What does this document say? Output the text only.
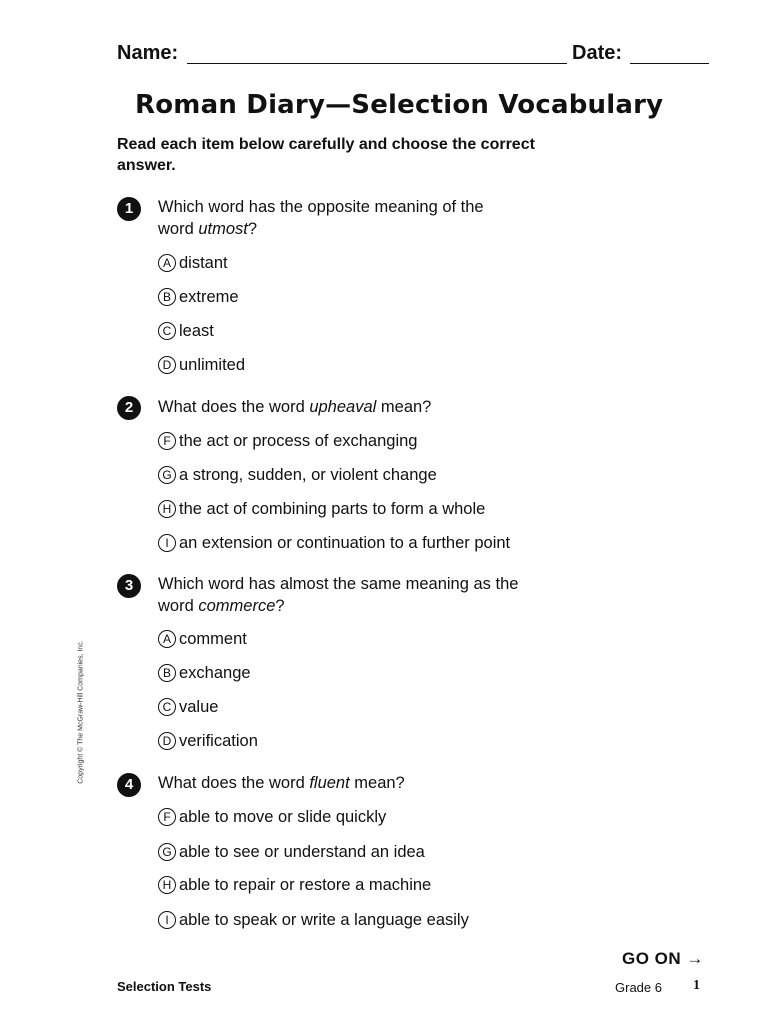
Name:	Date:
Roman Diary—Selection Vocabulary
Read each item below carefully and choose the correct answer.
1	Which word has the opposite meaning of the word utmost?
A distant
B extreme
C least
D unlimited
2	What does the word upheaval mean?
F the act or process of exchanging
G a strong, sudden, or violent change
H the act of combining parts to form a whole
I an extension or continuation to a further point
3	Which word has almost the same meaning as the word commerce?
A comment
B exchange
C value
D verification
4	What does the word fluent mean?
F able to move or slide quickly
G able to see or understand an idea
H able to repair or restore a machine
I able to speak or write a language easily
Copyright © The McGraw-Hill Companies, Inc.
GO ON →
Selection Tests	Grade 6 1
